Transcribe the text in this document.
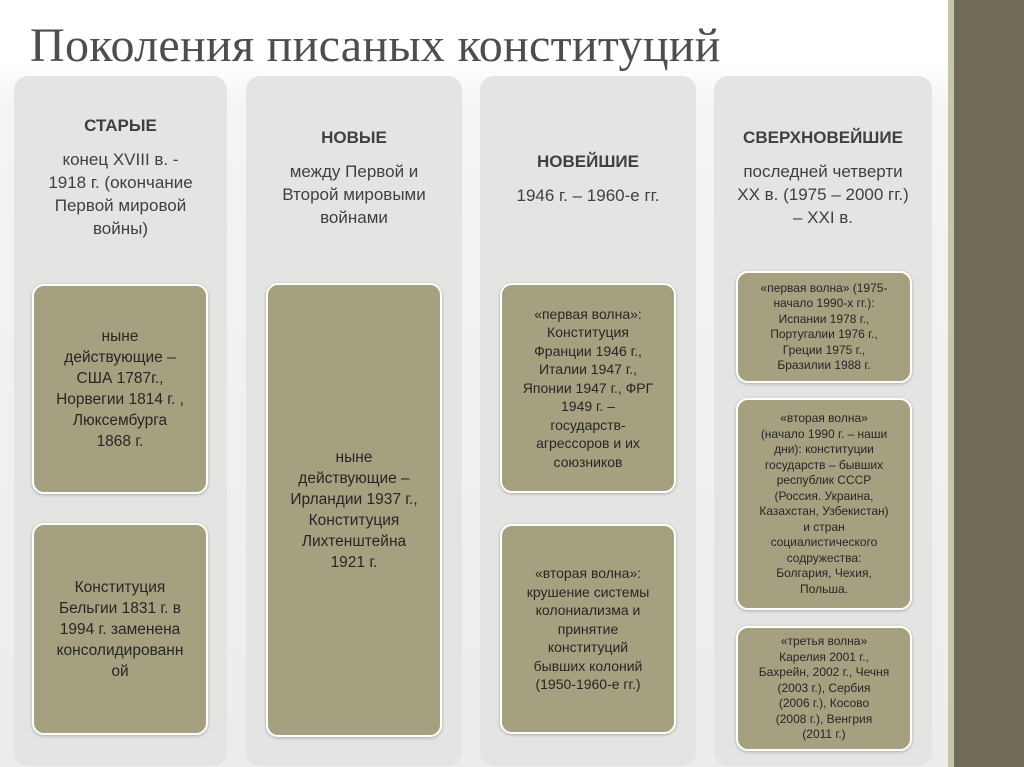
Поколения писаных конституций
СТАРЫЕ
конец XVIII в. -
1918 г. (окончание
Первой мировой
войны)
ныне
действующие –
США 1787г.,
Норвегии 1814 г. ,
Люксембурга
1868 г.
Конституция
Бельгии 1831 г. в
1994 г. заменена
консолидированн
ой
НОВЫЕ
между Первой и
Второй мировыми
войнами
ныне
действующие –
Ирландии 1937 г.,
Конституция
Лихтенштейна
1921 г.
НОВЕЙШИЕ
1946 г. – 1960-е гг.
«первая волна»:
Конституция
Франции 1946 г.,
Италии 1947 г.,
Японии 1947 г., ФРГ
1949 г. –
государств-
агрессоров и их
союзников
«вторая волна»:
крушение системы
колониализма и
принятие
конституций
бывших колоний
(1950-1960-е гг.)
СВЕРХНОВЕЙШИЕ
последней четверти
XX в. (1975 – 2000 гг.)
– XXI в.
«первая волна» (1975-
начало 1990-х гг.):
Испании 1978 г.,
Португалии 1976 г.,
Греции 1975 г.,
Бразилии 1988 г.
«вторая волна»
(начало 1990 г. – наши
дни): конституции
государств – бывших
республик СССР
(Россия. Украина,
Казахстан, Узбекистан)
и стран
социалистического
содружества:
Болгария, Чехия,
Польша.
«третья волна»
Карелия 2001 г.,
Бахрейн, 2002 г., Чечня
(2003 г.), Сербия
(2006 г.), Косово
(2008 г.), Венгрия
(2011 г.)
